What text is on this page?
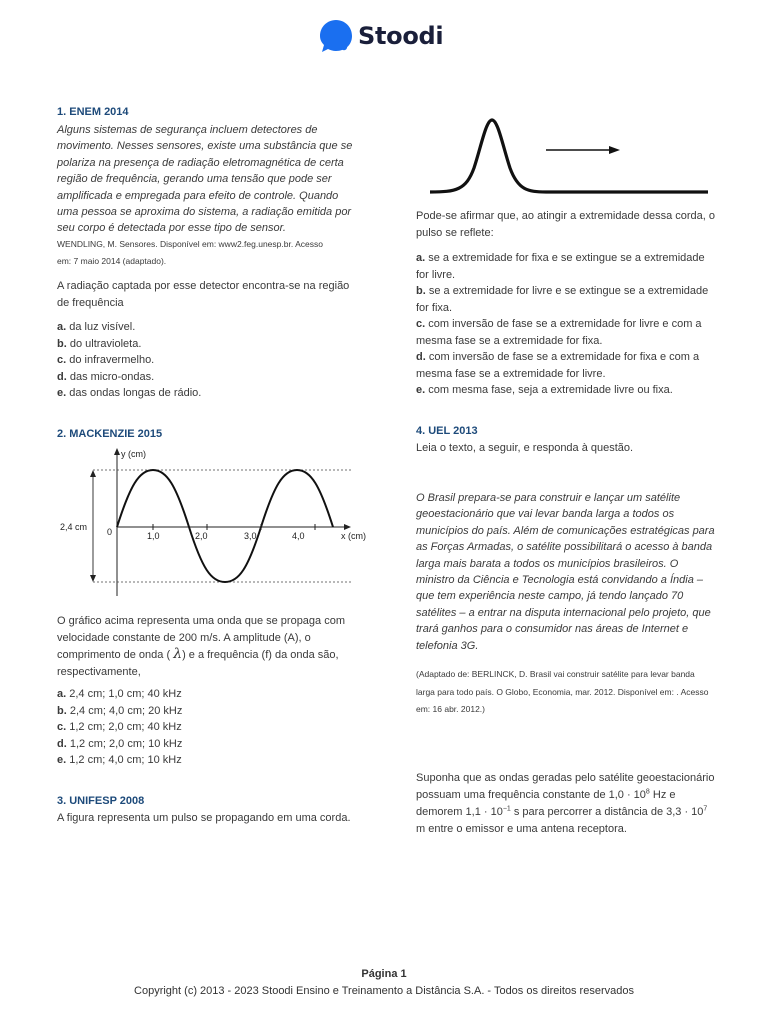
Stoodi
1. ENEM 2014
Alguns sistemas de segurança incluem detectores de
movimento. Nesses sensores, existe uma substância que se
polariza na presença de radiação eletromagnética de certa
região de frequência, gerando uma tensão que pode ser
amplificada e empregada para efeito de controle. Quando
uma pessoa se aproxima do sistema, a radiação emitida por
seu corpo é detectada por esse tipo de sensor.
WENDLING, M. Sensores. Disponível em: www2.feg.unesp.br. Acesso
em: 7 maio 2014 (adaptado).
A radiação captada por esse detector encontra-se na região
de frequência
a. da luz visível.
b. do ultravioleta.
c. do infravermelho.
d. das micro-ondas.
e. das ondas longas de rádio.
2. MACKENZIE 2015
y (cm)
x (cm)
2,4 cm 0	1,0	2,0	3,0	4,0
O gráfico acima representa uma onda que se propaga com
velocidade constante de 200 m/s. A amplitude (A), o
comprimento de onda ( λ) e a frequência (f) da onda são,
respectivamente,
a. 2,4 cm; 1,0 cm; 40 kHz
b. 2,4 cm; 4,0 cm; 20 kHz
c. 1,2 cm; 2,0 cm; 40 kHz
d. 1,2 cm; 2,0 cm; 10 kHz
e. 1,2 cm; 4,0 cm; 10 kHz
3. UNIFESP 2008
A figura representa um pulso se propagando em uma corda.
Pode-se afirmar que, ao atingir a extremidade dessa corda, o
pulso se reflete:
a. se a extremidade for fixa e se extingue se a extremidade
for livre.
b. se a extremidade for livre e se extingue se a extremidade
for fixa.
c. com inversão de fase se a extremidade for livre e com a
mesma fase se a extremidade for fixa.
d. com inversão de fase se a extremidade for fixa e com a
mesma fase se a extremidade for livre.
e. com mesma fase, seja a extremidade livre ou fixa.
4. UEL 2013
Leia o texto, a seguir, e responda à questão.
O Brasil prepara-se para construir e lançar um satélite
geoestacionário que vai levar banda larga a todos os
municípios do país. Além de comunicações estratégicas para
as Forças Armadas, o satélite possibilitará o acesso à banda
larga mais barata a todos os municípios brasileiros. O
ministro da Ciência e Tecnologia está convidando a Índia –
que tem experiência neste campo, já tendo lançado 70
satélites – a entrar na disputa internacional pelo projeto, que
trará ganhos para o consumidor nas áreas de Internet e
telefonia 3G.
(Adaptado de: BERLINCK, D. Brasil vai construir satélite para levar banda
larga para todo país. O Globo, Economia, mar. 2012. Disponível em: . Acesso
em: 16 abr. 2012.)
Suponha que as ondas geradas pelo satélite geoestacionário
possuam uma frequência constante de $1,0 \cdot 10^8$ Hz e
demorem $1,1 \cdot 10^{-1}$ s para percorrer a distância de $3,3 \cdot 10^7$
m entre o emissor e uma antena receptora.
Página 1
Copyright (c) 2013 - 2023 Stoodi Ensino e Treinamento a Distância S.A. - Todos os direitos reservados
